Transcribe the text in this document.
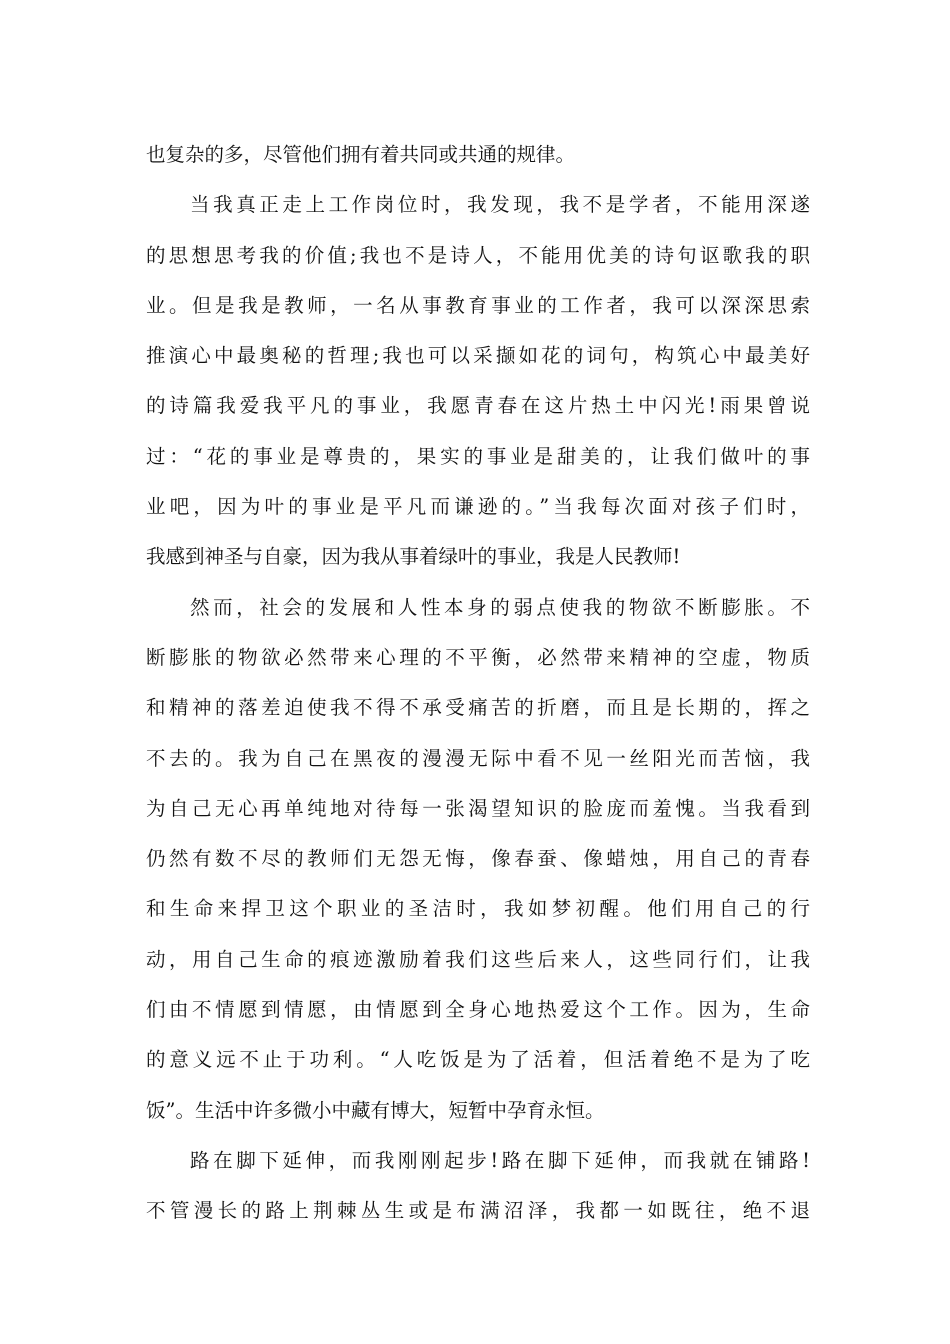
也复杂的多，尽管他们拥有着共同或共通的规律。
当我真正走上工作岗位时，我发现，我不是学者，不能用深遂
的思想思考我的价值;我也不是诗人，不能用优美的诗句讴歌我的职
业。但是我是教师，一名从事教育事业的工作者，我可以深深思索
推演心中最奥秘的哲理;我也可以采撷如花的词句，构筑心中最美好
的诗篇我爱我平凡的事业，我愿青春在这片热土中闪光!雨果曾说
过：“花的事业是尊贵的，果实的事业是甜美的，让我们做叶的事
业吧，因为叶的事业是平凡而谦逊的。”当我每次面对孩子们时，
我感到神圣与自豪，因为我从事着绿叶的事业，我是人民教师!
然而，社会的发展和人性本身的弱点使我的物欲不断膨胀。不
断膨胀的物欲必然带来心理的不平衡，必然带来精神的空虚，物质
和精神的落差迫使我不得不承受痛苦的折磨，而且是长期的，挥之
不去的。我为自己在黑夜的漫漫无际中看不见一丝阳光而苦恼，我
为自己无心再单纯地对待每一张渴望知识的脸庞而羞愧。当我看到
仍然有数不尽的教师们无怨无悔，像春蚕、像蜡烛，用自己的青春
和生命来捍卫这个职业的圣洁时，我如梦初醒。他们用自己的行
动，用自己生命的痕迹激励着我们这些后来人，这些同行们，让我
们由不情愿到情愿，由情愿到全身心地热爱这个工作。因为，生命
的意义远不止于功利。“人吃饭是为了活着，但活着绝不是为了吃
饭”。生活中许多微小中藏有博大，短暂中孕育永恒。
路在脚下延伸，而我刚刚起步!路在脚下延伸，而我就在铺路!
不管漫长的路上荆棘丛生或是布满沼泽，我都一如既往，绝不退
